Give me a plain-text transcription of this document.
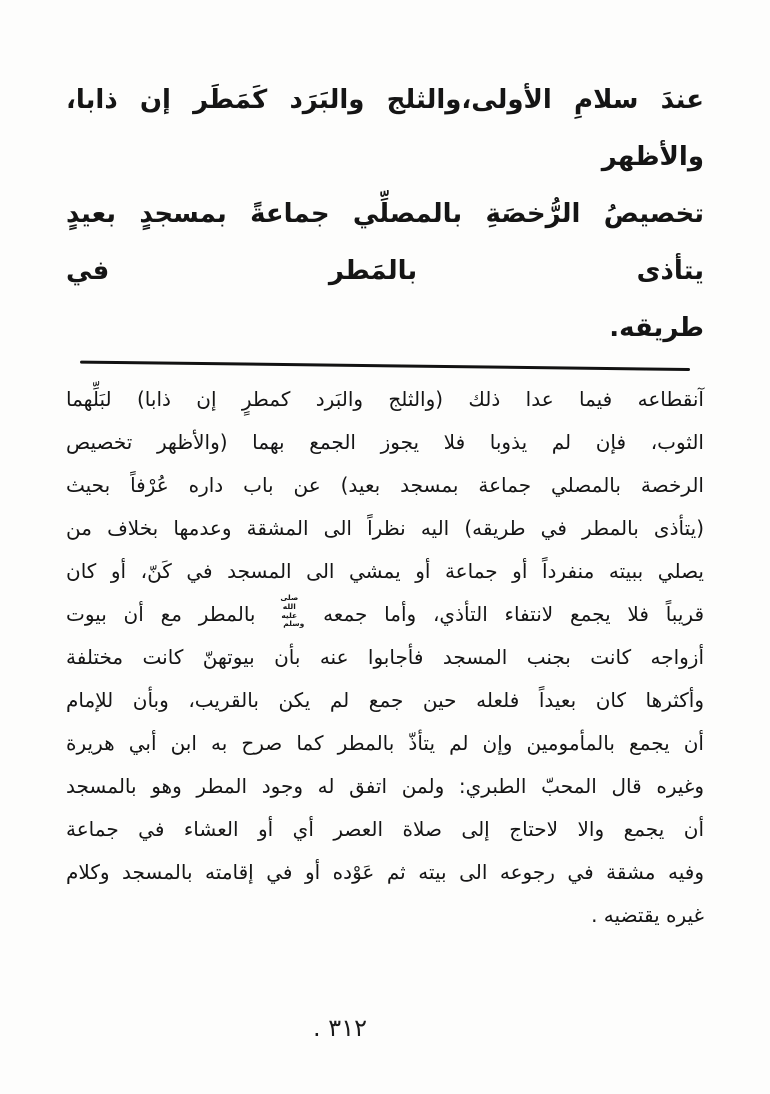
عندَ سلامِ الأولى،والثلج والبَرَد كَمَطَر إن ذابا، والأظهر
تخصيصُ الرُّخصَةِ بالمصلِّي جماعةً بمسجدٍ بعيدٍ يتأذى بالمَطر في
طريقه.
آنقطاعه فيما عدا ذلك (والثلج والبَرد كمطرٍ إن ذابا) لبَلِّهما
الثوب، فإن لم يذوبا فلا يجوز الجمع بهما (والأظهر تخصيص
الرخصة بالمصلي جماعة بمسجد بعيد) عن باب داره عُرْفاً بحيث
(يتأذى بالمطر في طريقه) اليه نظراً الى المشقة وعدمها بخلاف من
يصلي ببيته منفرداً أو جماعة أو يمشي الى المسجد في كَنّ، أو كان
قريباً فلا يجمع لانتفاء التأذي، وأما جمعه صلى الله عليه وسلم بالمطر مع أن بيوت
أزواجه كانت بجنب المسجد فأجابوا عنه بأن بيوتهنّ كانت مختلفة
وأكثرها كان بعيداً فلعله حين جمع لم يكن بالقريب، وبأن للإمام
أن يجمع بالمأمومين وإن لم يتأذّ بالمطر كما صرح به ابن أبي هريرة
وغيره قال المحبّ الطبري: ولمن اتفق له وجود المطر وهو بالمسجد
أن يجمع والا لاحتاج إلى صلاة العصر أي أو العشاء في جماعة
وفيه مشقة في رجوعه الى بيته ثم عَوْده أو في إقامته بالمسجد وكلام
غيره يقتضيه .
٣١٢ .
